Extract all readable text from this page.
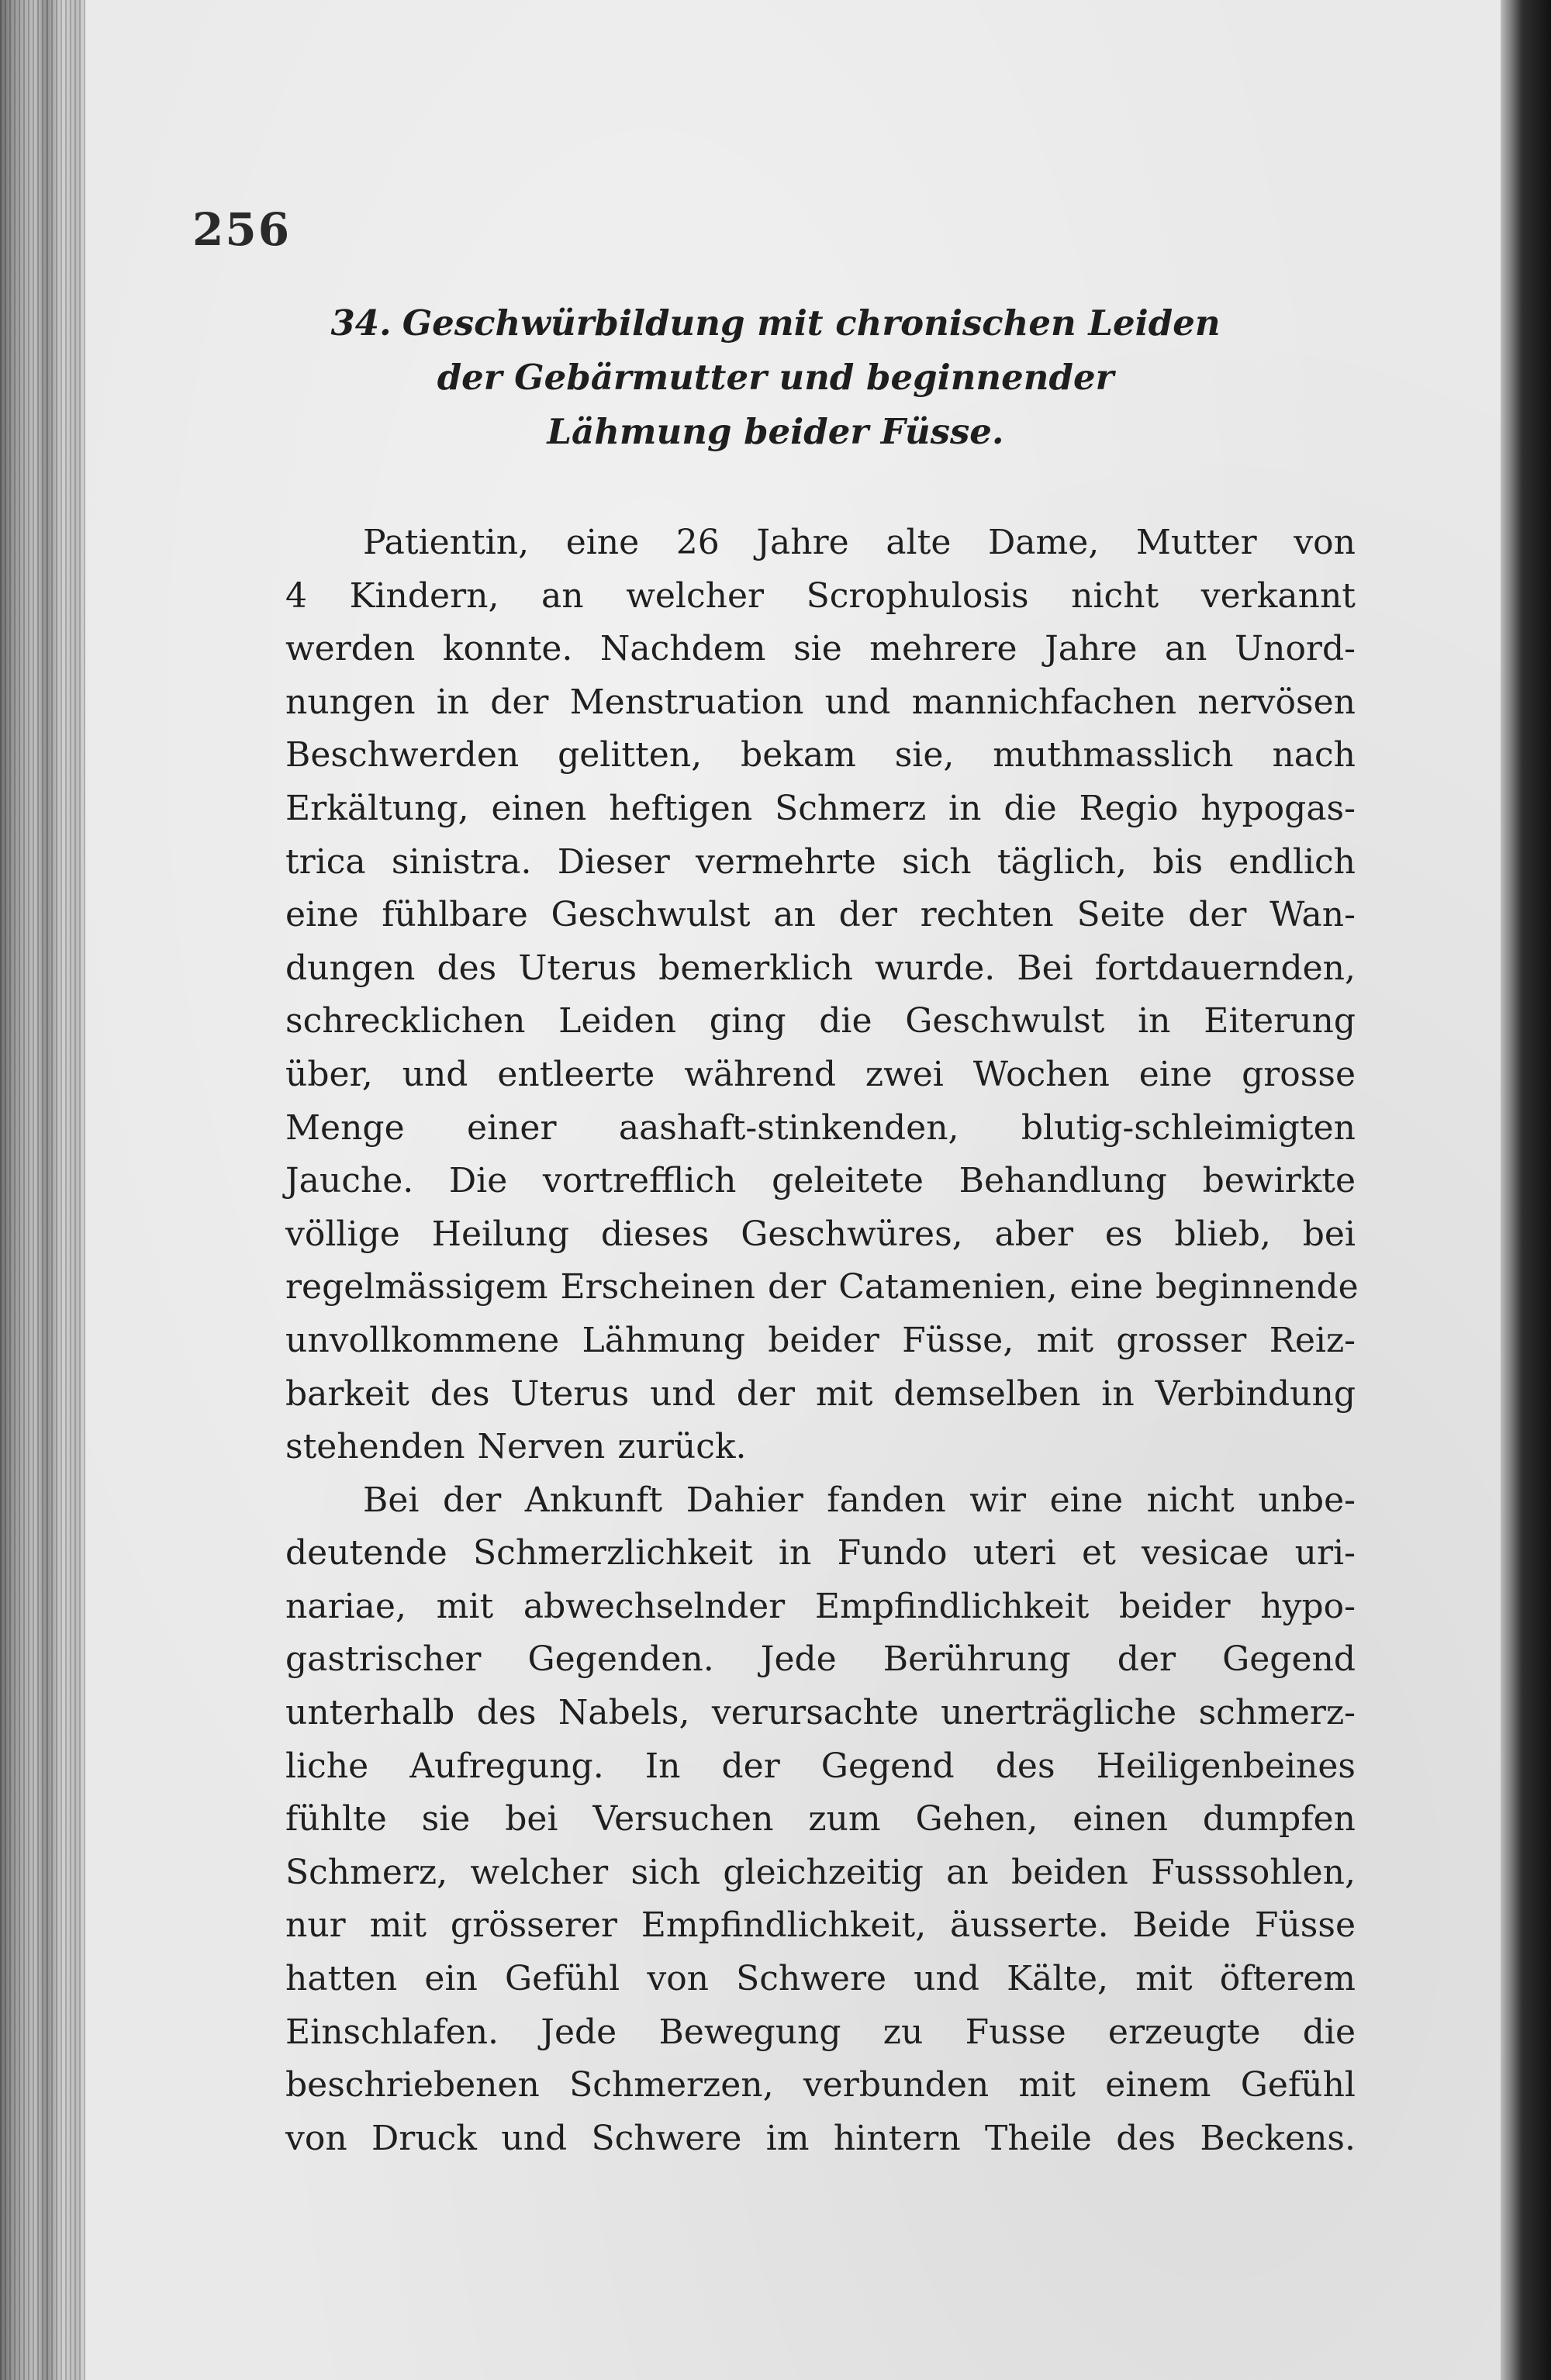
256
34. Geschwürbildung mit chronischen Leiden
der Gebärmutter und beginnender
Lähmung beider Füsse.

Patientin, eine 26 Jahre alte Dame, Mutter von
4 Kindern, an welcher Scrophulosis nicht verkannt
werden konnte. Nachdem sie mehrere Jahre an Unord-
nungen in der Menstruation und mannichfachen nervösen
Beschwerden gelitten, bekam sie, muthmasslich nach
Erkältung, einen heftigen Schmerz in die Regio hypogas-
trica sinistra. Dieser vermehrte sich täglich, bis endlich
eine fühlbare Geschwulst an der rechten Seite der Wan-
dungen des Uterus bemerklich wurde. Bei fortdauernden,
schrecklichen Leiden ging die Geschwulst in Eiterung
über, und entleerte während zwei Wochen eine grosse
Menge einer aashaft-stinkenden, blutig-schleimigten
Jauche. Die vortrefflich geleitete Behandlung bewirkte
völlige Heilung dieses Geschwüres, aber es blieb, bei
regelmässigem Erscheinen der Catamenien, eine beginnende
unvollkommene Lähmung beider Füsse, mit grosser Reiz-
barkeit des Uterus und der mit demselben in Verbindung
stehenden Nerven zurück.

Bei der Ankunft Dahier fanden wir eine nicht unbe-
deutende Schmerzlichkeit in Fundo uteri et vesicae uri-
nariae, mit abwechselnder Empfindlichkeit beider hypo-
gastrischer Gegenden. Jede Berührung der Gegend
unterhalb des Nabels, verursachte unerträgliche schmerz-
liche Aufregung. In der Gegend des Heiligenbeines
fühlte sie bei Versuchen zum Gehen, einen dumpfen
Schmerz, welcher sich gleichzeitig an beiden Fusssohlen,
nur mit grösserer Empfindlichkeit, äusserte. Beide Füsse
hatten ein Gefühl von Schwere und Kälte, mit öfterem
Einschlafen. Jede Bewegung zu Fusse erzeugte die
beschriebenen Schmerzen, verbunden mit einem Gefühl
von Druck und Schwere im hintern Theile des Beckens.
